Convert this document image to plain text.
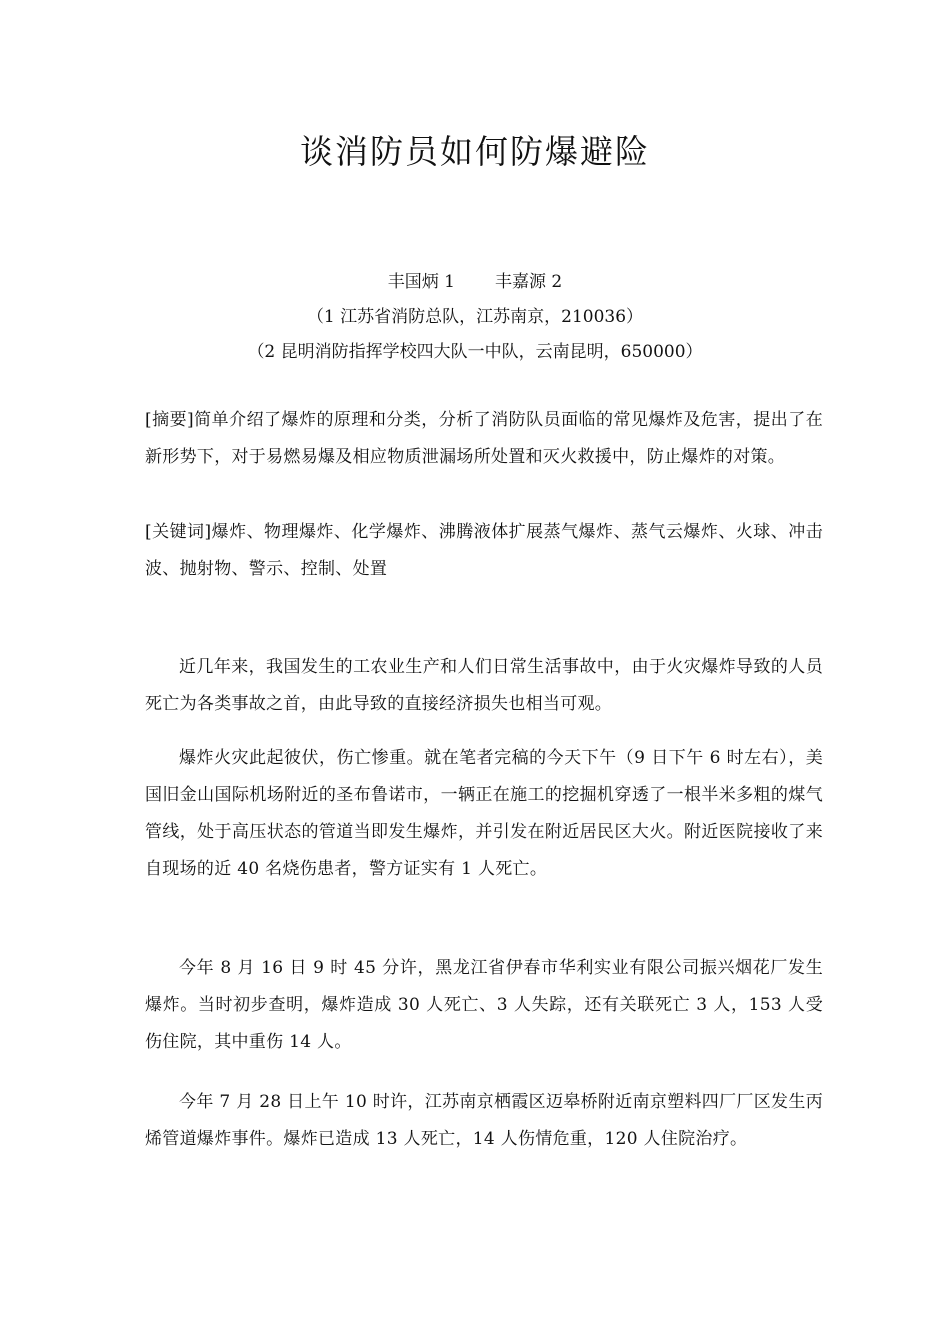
谈消防员如何防爆避险
丰国炳 1 丰嘉源 2
（1 江苏省消防总队，江苏南京，210036）
（2 昆明消防指挥学校四大队一中队，云南昆明，650000）
[摘要]简单介绍了爆炸的原理和分类，分析了消防队员面临的常见爆炸及危害，提出了在新形势下，对于易燃易爆及相应物质泄漏场所处置和灭火救援中，防止爆炸的对策。
[关键词]爆炸、物理爆炸、化学爆炸、沸腾液体扩展蒸气爆炸、蒸气云爆炸、火球、冲击波、抛射物、警示、控制、处置

近几年来，我国发生的工农业生产和人们日常生活事故中，由于火灾爆炸导致的人员死亡为各类事故之首，由此导致的直接经济损失也相当可观。

爆炸火灾此起彼伏，伤亡惨重。就在笔者完稿的今天下午（9 日下午 6 时左右），美国旧金山国际机场附近的圣布鲁诺市，一辆正在施工的挖掘机穿透了一根半米多粗的煤气管线，处于高压状态的管道当即发生爆炸，并引发在附近居民区大火。附近医院接收了来自现场的近 40 名烧伤患者，警方证实有 1 人死亡。

今年 8 月 16 日 9 时 45 分许，黑龙江省伊春市华利实业有限公司振兴烟花厂发生爆炸。当时初步查明，爆炸造成 30 人死亡、3 人失踪，还有关联死亡 3 人，153 人受伤住院，其中重伤 14 人。

今年 7 月 28 日上午 10 时许，江苏南京栖霞区迈皋桥附近南京塑料四厂厂区发生丙烯管道爆炸事件。爆炸已造成 13 人死亡，14 人伤情危重，120 人住院治疗。
